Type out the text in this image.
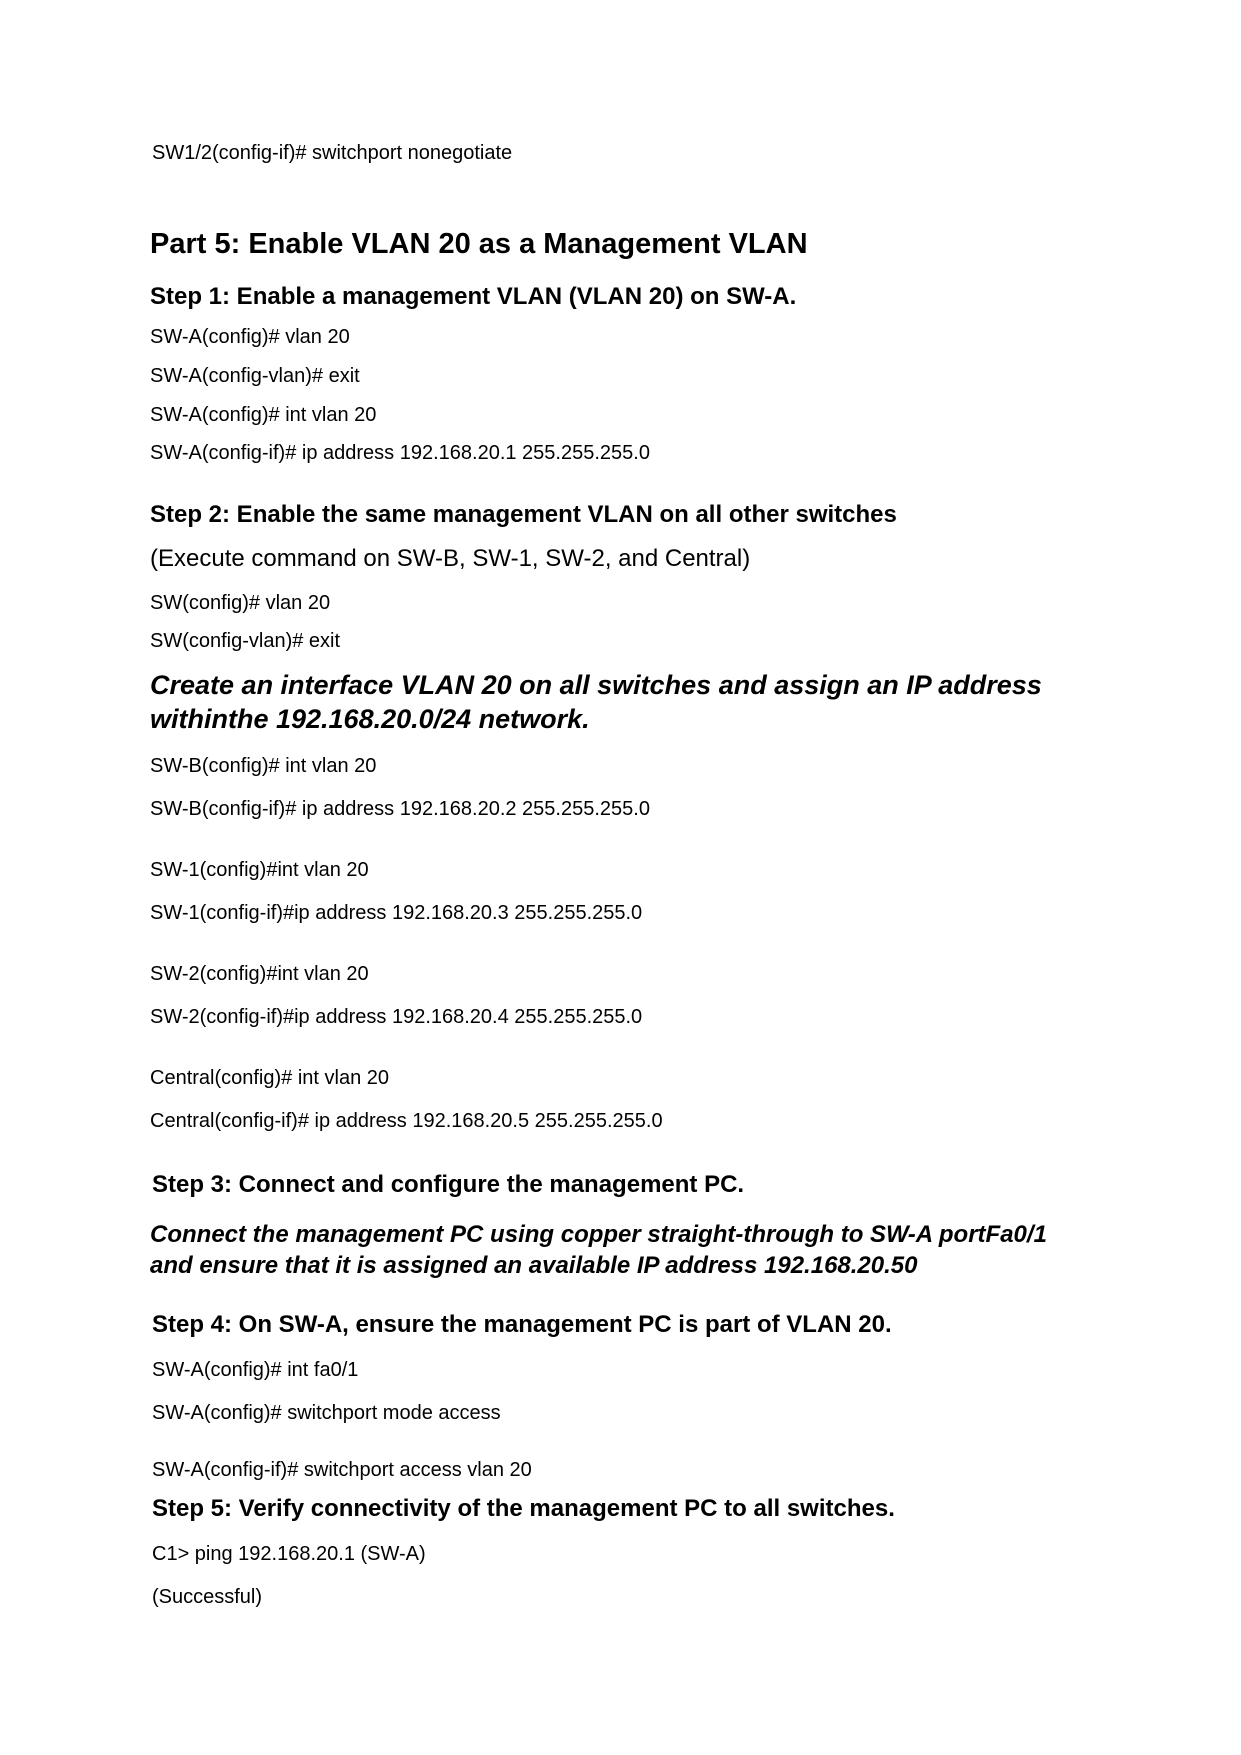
SW1/2(config-if)# switchport nonegotiate
Part 5: Enable VLAN 20 as a Management VLAN
Step 1: Enable a management VLAN (VLAN 20) on SW-A.
SW-A(config)# vlan 20
SW-A(config-vlan)# exit
SW-A(config)# int vlan 20
SW-A(config-if)# ip address 192.168.20.1 255.255.255.0
Step 2: Enable the same management VLAN on all other switches
(Execute command on SW-B, SW-1, SW-2, and Central)
SW(config)# vlan 20
SW(config-vlan)# exit
Create an interface VLAN 20 on all switches and assign an IP address
withinthe 192.168.20.0/24 network.
SW-B(config)# int vlan 20
SW-B(config-if)# ip address 192.168.20.2 255.255.255.0
SW-1(config)#int vlan 20
SW-1(config-if)#ip address 192.168.20.3 255.255.255.0
SW-2(config)#int vlan 20
SW-2(config-if)#ip address 192.168.20.4 255.255.255.0
Central(config)# int vlan 20
Central(config-if)# ip address 192.168.20.5 255.255.255.0
Step 3: Connect and configure the management PC.
Connect the management PC using copper straight-through to SW-A portFa0/1
and ensure that it is assigned an available IP address 192.168.20.50
Step 4: On SW-A, ensure the management PC is part of VLAN 20.
SW-A(config)# int fa0/1
SW-A(config)# switchport mode access
SW-A(config-if)# switchport access vlan 20
Step 5: Verify connectivity of the management PC to all switches.
C1> ping 192.168.20.1 (SW-A)
(Successful)
